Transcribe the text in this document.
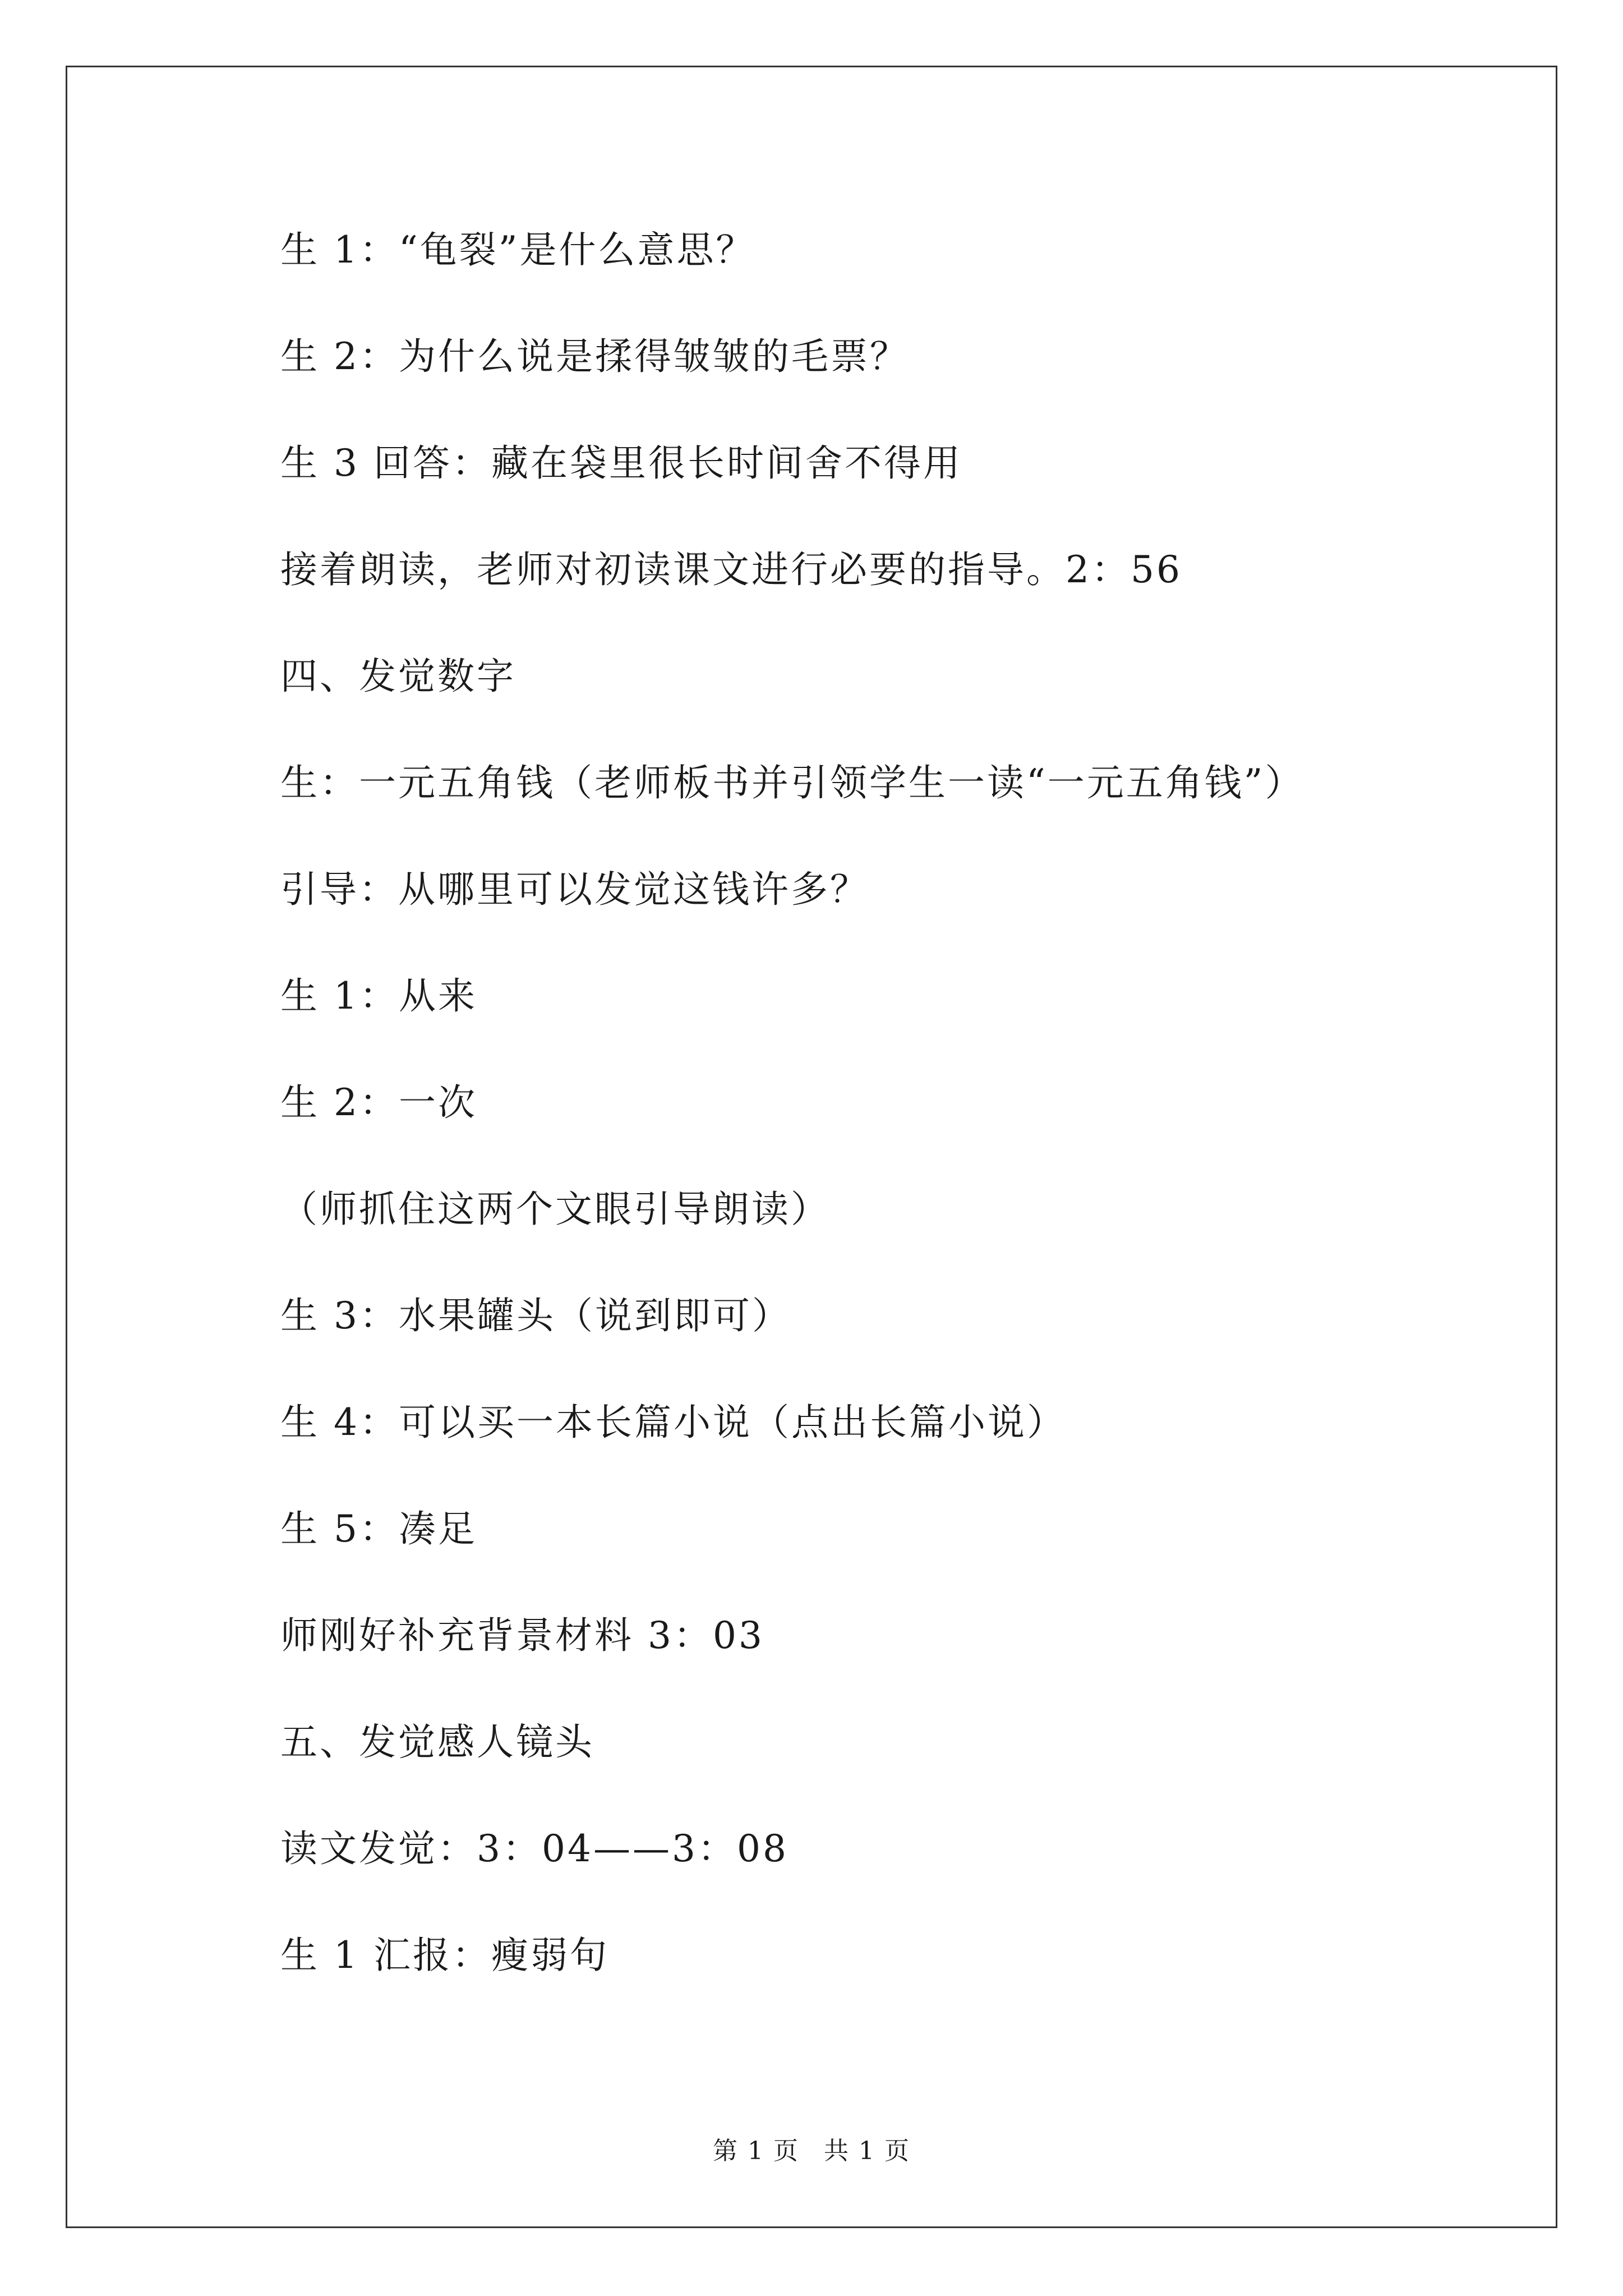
生 1：“龟裂”是什么意思？
生 2：为什么说是揉得皱皱的毛票？
生 3 回答：藏在袋里很长时间舍不得用
接着朗读，老师对初读课文进行必要的指导。2：56
四、发觉数字
生：一元五角钱（老师板书并引领学生一读“一元五角钱”）
引导：从哪里可以发觉这钱许多？
生 1：从来
生 2：一次
（师抓住这两个文眼引导朗读）
生 3：水果罐头（说到即可）
生 4：可以买一本长篇小说（点出长篇小说）
生 5：凑足
师刚好补充背景材料 3：03
五、发觉感人镜头
读文发觉：3：04——3：08
生 1 汇报：瘦弱句
第 1 页 共 1 页
